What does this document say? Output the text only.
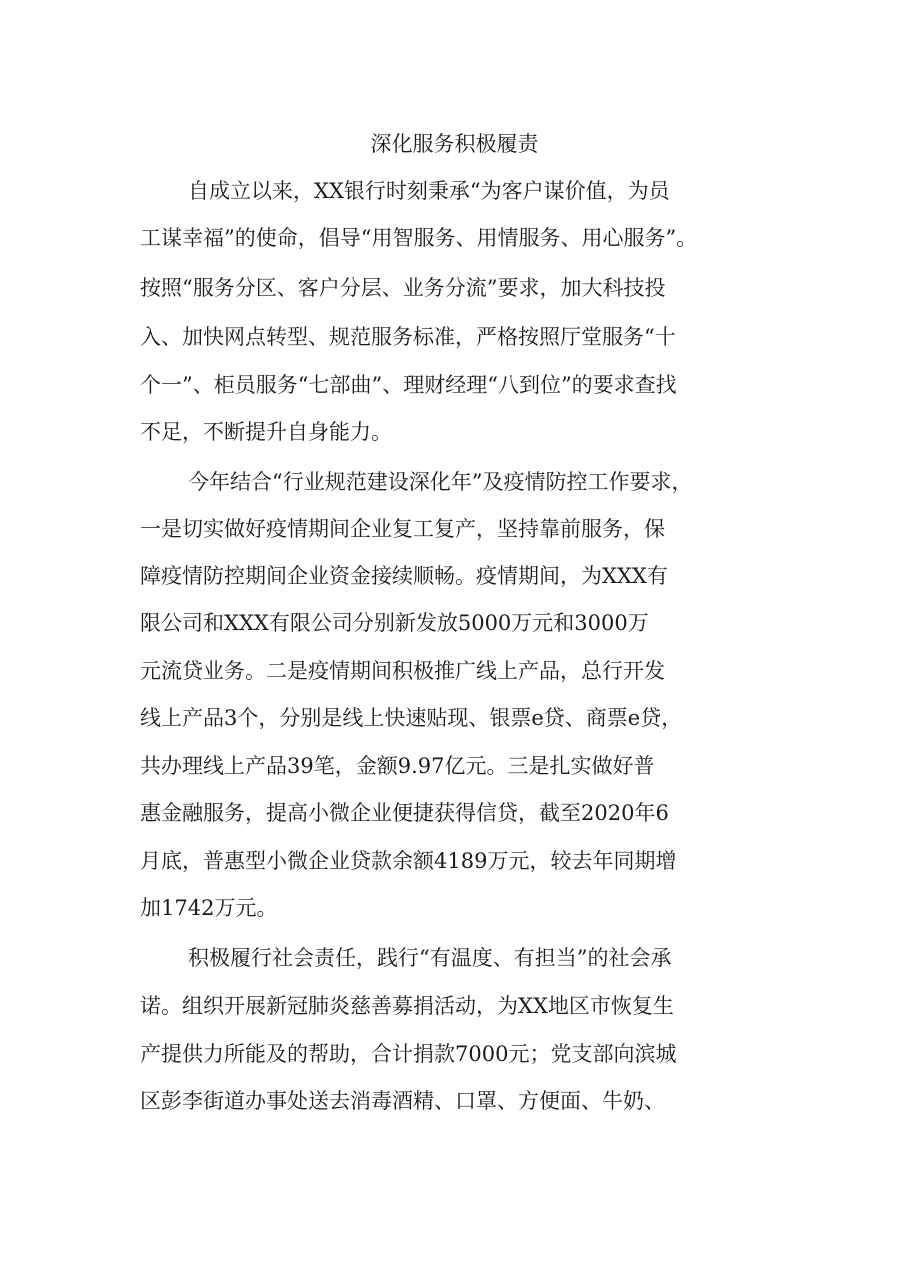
深化服务积极履责
自成立以来，XX银行时刻秉承“为客户谋价值，为员
工谋幸福”的使命，倡导“用智服务、用情服务、用心服务”。
按照“服务分区、客户分层、业务分流”要求，加大科技投
入、加快网点转型、规范服务标准，严格按照厅堂服务“十
个一”、柜员服务“七部曲”、理财经理“八到位”的要求查找
不足，不断提升自身能力。
今年结合“行业规范建设深化年”及疫情防控工作要求，
一是切实做好疫情期间企业复工复产，坚持靠前服务，保
障疫情防控期间企业资金接续顺畅。疫情期间，为XXX有
限公司和XXX有限公司分别新发放5000万元和3000万
元流贷业务。二是疫情期间积极推广线上产品，总行开发
线上产品3个，分别是线上快速贴现、银票e贷、商票e贷，
共办理线上产品39笔，金额9.97亿元。三是扎实做好普
惠金融服务，提高小微企业便捷获得信贷，截至2020年6
月底，普惠型小微企业贷款余额4189万元，较去年同期增
加1742万元。
积极履行社会责任，践行“有温度、有担当”的社会承
诺。组织开展新冠肺炎慈善募捐活动，为XX地区市恢复生
产提供力所能及的帮助，合计捐款7000元；党支部向滨城
区彭李街道办事处送去消毒酒精、口罩、方便面、牛奶、
